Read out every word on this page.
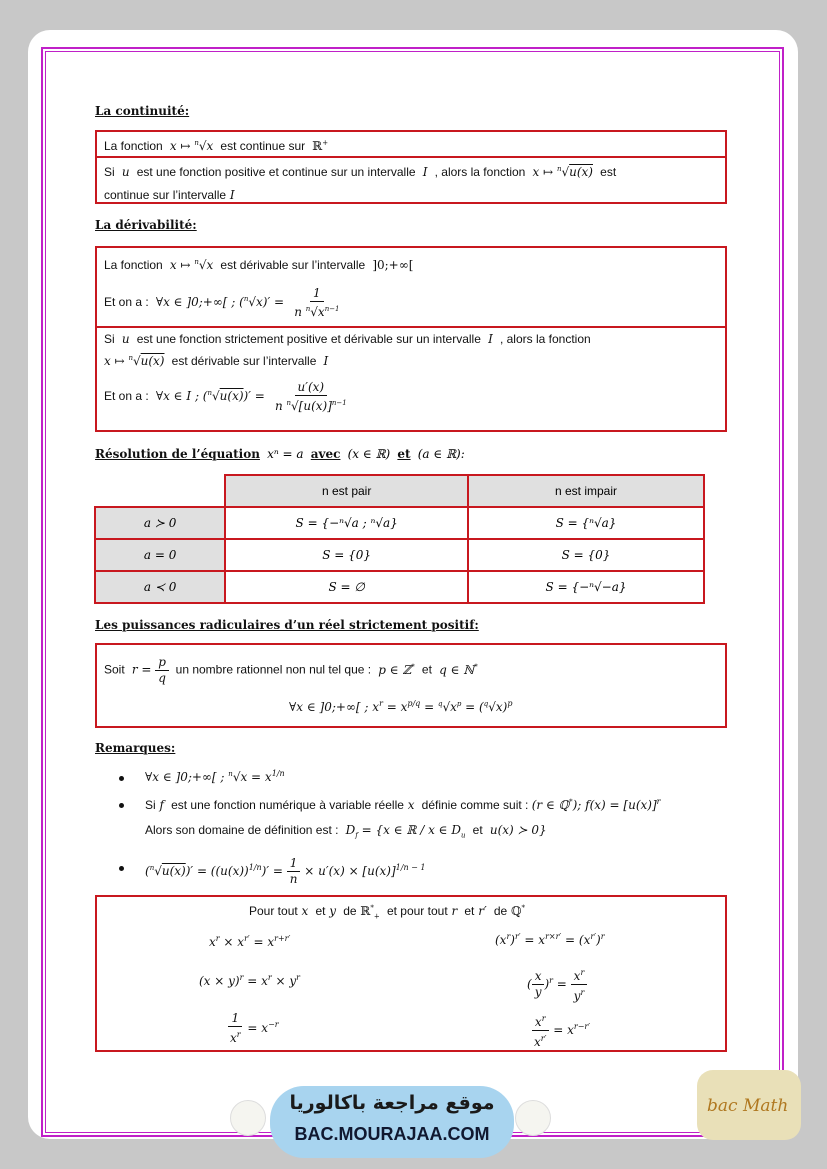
La continuité:
La fonction  x ↦ $^n$√x  est continue sur  ℝ+
Si  u  est une fonction positive et continue sur un intervalle  I  , alors la fonction  x ↦ $^n$√u(x) est
continue sur l’intervalle I
La dérivabilité:
La fonction  x ↦ $^n$√x  est dérivable sur l’intervalle  ]0;+∞[
Et on a :  ∀x ∈ ]0;+∞[ ; $(^n√x)' = \frac{1}{n ^n√x^{n-1}}$
Si  u  est une fonction strictement positive et dérivable sur un intervalle  I  , alors la fonction
x ↦ $^n$√u(x) est dérivable sur l’intervalle  I
Et on a :  ∀x ∈ I ; $(^n√u(x))' = \frac{u'(x)}{n ^n√[u(x)]^{n-1}}$
Résolution de l’équation  xⁿ = a  avec  (x ∈ ℝ)  et  (a ∈ ℝ):
	n est pair	n est impair
a ≻ 0	S = {−ⁿ√a ; ⁿ√a}	S = {ⁿ√a}
a = 0	S = {0}	S = {0}
a ≺ 0	S = ∅	S = {−ⁿ√−a}
Les puissances radiculaires d’un réel strictement positif:
Soit  $r = \frac{p}{q}$ un nombre rationnel non nul tel que :  p ∈ ℤ* et  q ∈ ℕ*
∀x ∈ ]0;+∞[ ; $x^r = x^{p/q} = ^q√x^p = (^q√x)^p$
Remarques:
∀x ∈ ]0;+∞[ ; $^n√x = x^{1/n}$
Si f  est une fonction numérique à variable réelle x  définie comme suit : (r ∈ ℚ*); $f(x) = [u(x)]^r$
Alors son domaine de définition est :  $D_f = \{x$ ∈ ℝ / x ∈ $D_u$ et  u(x) ≻ 0}
$(^n√u(x))' = ((u(x))^{1/n})' = \frac{1}{n} \times u'(x) \times [u(x)]^{1/n - 1}$
Pour tout x  et y  de ℝ*$_+$ et pour tout r  et r′  de ℚ*
$x^r \times x^{r'} = x^{r+r'}$	$(x^r)^{r'} = x^{r\times r'} = (x^{r'})^r$
$(x \times y)^r = x^r \times y^r$	( $\frac{x}{y} )^r = \frac{x^r}{y^r}$
$\frac{1}{x^r} = x^{-r}$	$\frac{x^r}{x^{r'}} = x^{r-r'}$
موقع مراجعة باكالوريا
BAC.MOURAJAA.COM
bac Math
